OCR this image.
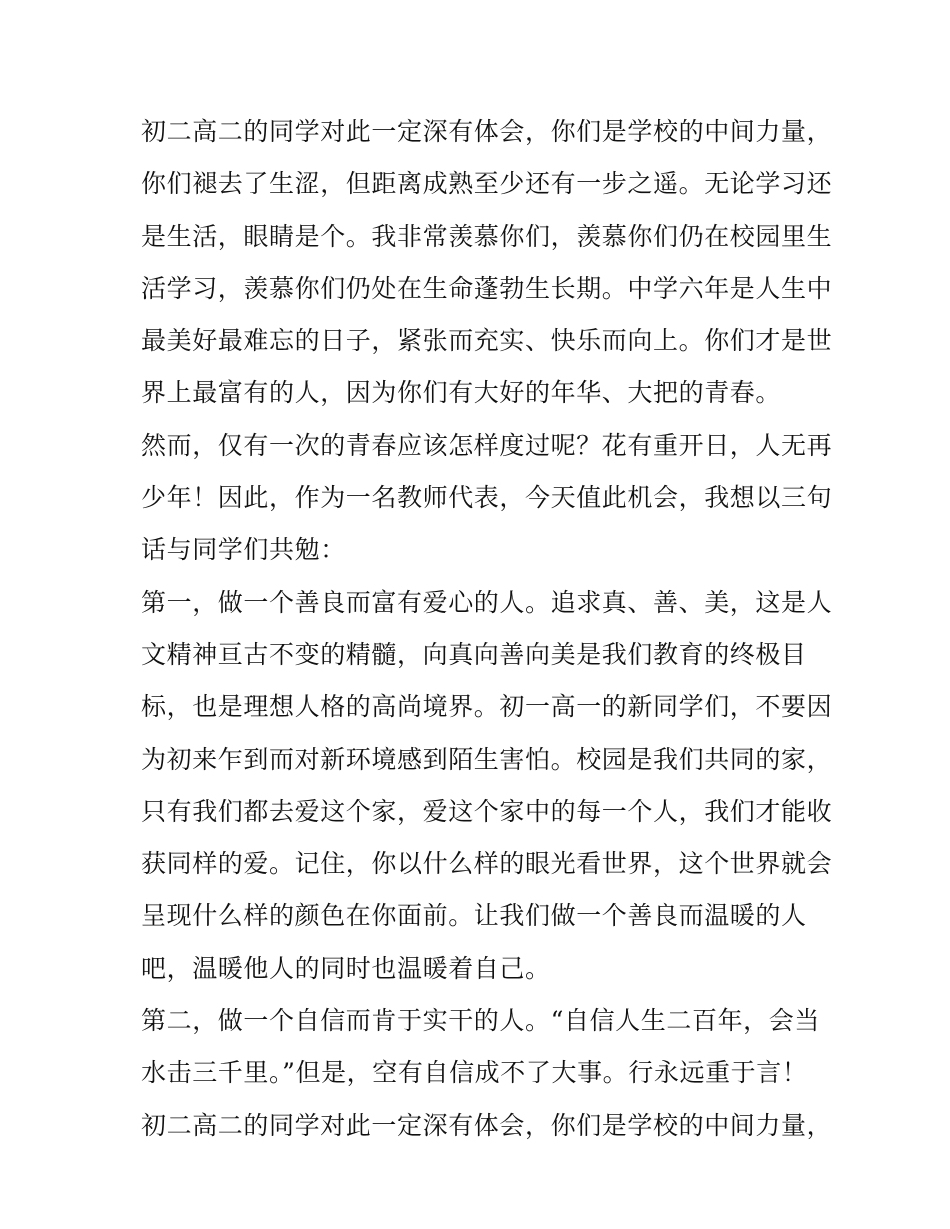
初二高二的同学对此一定深有体会，你们是学校的中间力量，
你们褪去了生涩，但距离成熟至少还有一步之遥。无论学习还
是生活，眼睛是个。我非常羡慕你们，羡慕你们仍在校园里生
活学习，羡慕你们仍处在生命蓬勃生长期。中学六年是人生中
最美好最难忘的日子，紧张而充实、快乐而向上。你们才是世
界上最富有的人，因为你们有大好的年华、大把的青春。
然而，仅有一次的青春应该怎样度过呢？花有重开日，人无再
少年！因此，作为一名教师代表，今天值此机会，我想以三句
话与同学们共勉：
第一，做一个善良而富有爱心的人。追求真、善、美，这是人
文精神亘古不变的精髓，向真向善向美是我们教育的终极目
标，也是理想人格的高尚境界。初一高一的新同学们，不要因
为初来乍到而对新环境感到陌生害怕。校园是我们共同的家，
只有我们都去爱这个家，爱这个家中的每一个人，我们才能收
获同样的爱。记住，你以什么样的眼光看世界，这个世界就会
呈现什么样的颜色在你面前。让我们做一个善良而温暖的人
吧，温暖他人的同时也温暖着自己。
第二，做一个自信而肯于实干的人。“自信人生二百年，会当
水击三千里。”但是，空有自信成不了大事。行永远重于言！
初二高二的同学对此一定深有体会，你们是学校的中间力量，
